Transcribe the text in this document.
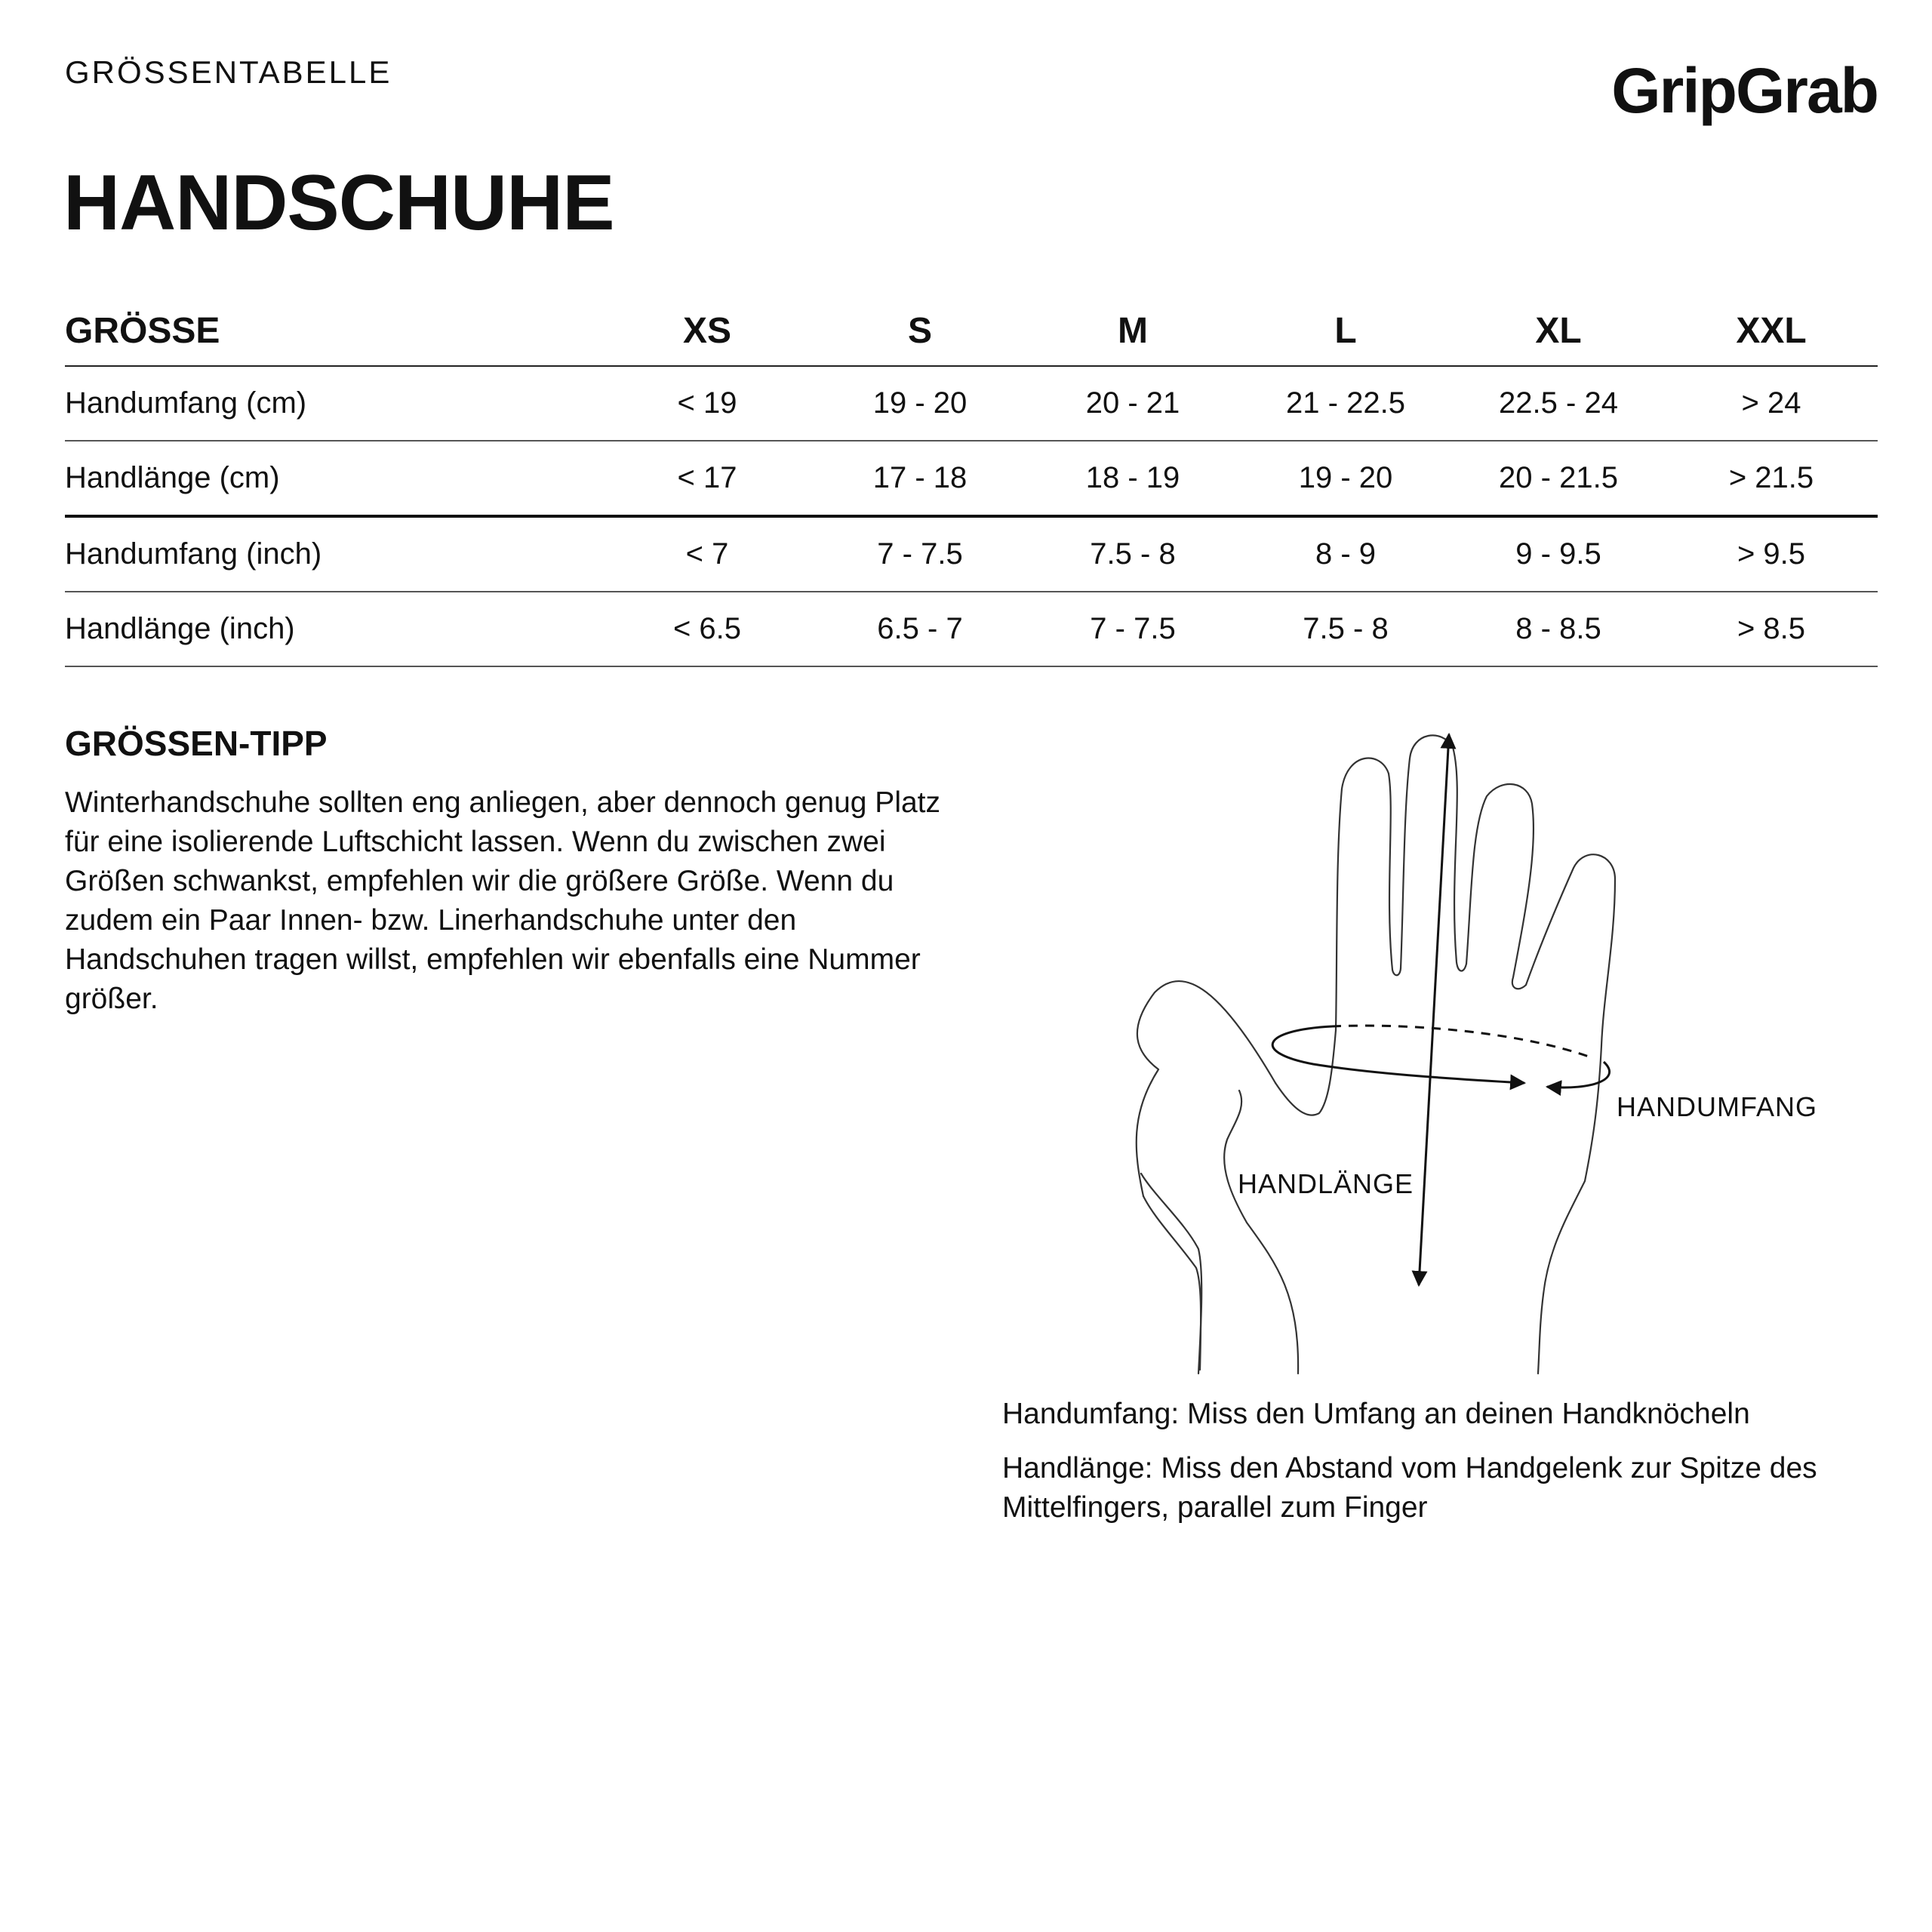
GRÖSSENTABELLE	GripGrab
HANDSCHUHE
GRÖSSE	XS	S	M	L	XL	XXL
Handumfang (cm)	< 19	19 - 20	20 - 21	21 - 22.5	22.5 - 24	> 24
Handlänge (cm)	< 17	17 - 18	18 - 19	19 - 20	20 - 21.5	> 21.5
Handumfang (inch)	< 7	7 - 7.5	7.5 - 8	8 - 9	9 - 9.5	> 9.5
Handlänge (inch)	< 6.5	6.5 - 7	7 - 7.5	7.5 - 8	8 - 8.5	> 8.5
GRÖSSEN-TIPP

Winterhandschuhe sollten eng anliegen, aber dennoch genug Platz für eine isolierende Luftschicht lassen. Wenn du zwischen zwei Größen schwankst, empfehlen wir die größere Größe. Wenn du zudem ein Paar Innen- bzw. Linerhandschuhe unter den Handschuhen tragen willst, empfehlen wir ebenfalls eine Nummer größer.

HANDLÄNGE
HANDUMFANG

Handumfang: Miss den Umfang an deinen Handknöcheln

Handlänge: Miss den Abstand vom Handgelenk zur Spitze des Mittelfingers, parallel zum Finger
